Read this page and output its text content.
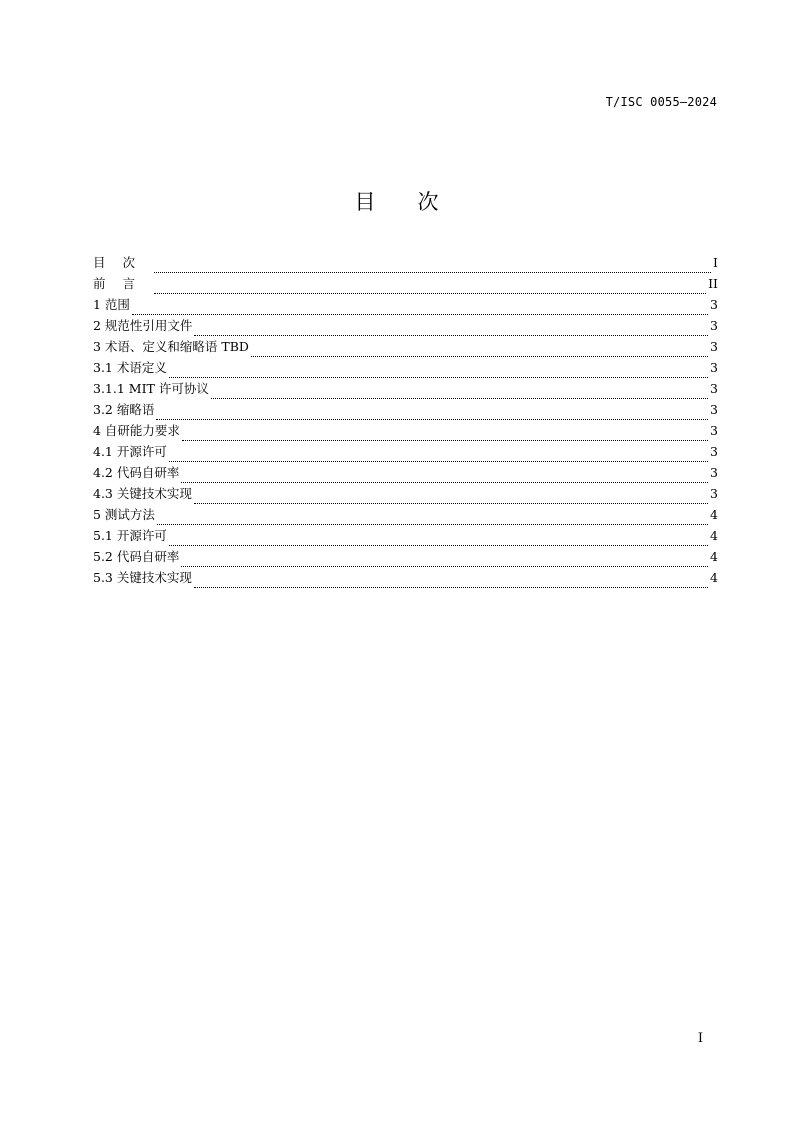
T/ISC 0055—2024
目 次
目次	I
前言	II
1 范围	3
2 规范性引用文件	3
3 术语、定义和缩略语 TBD	3
3.1 术语定义	3
3.1.1 MIT 许可协议	3
3.2 缩略语	3
4 自研能力要求	3
4.1 开源许可	3
4.2 代码自研率	3
4.3 关键技术实现	3
5 测试方法	4
5.1 开源许可	4
5.2 代码自研率	4
5.3 关键技术实现	4
I
